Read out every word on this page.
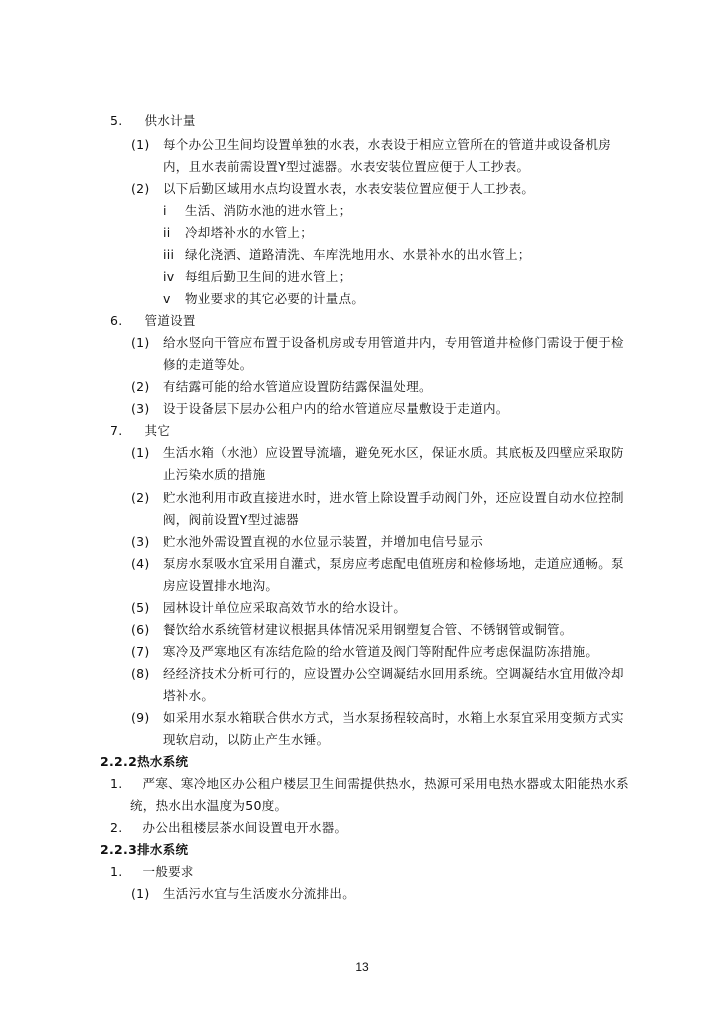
5. 供水计量
(1) 每个办公卫生间均设置单独的水表，水表设于相应立管所在的管道井或设备机房
内，且水表前需设置Y型过滤器。水表安装位置应便于人工抄表。
(2) 以下后勤区域用水点均设置水表，水表安装位置应便于人工抄表。
i 生活、消防水池的进水管上；
ii 冷却塔补水的水管上；
iii 绿化浇洒、道路清洗、车库洗地用水、水景补水的出水管上；
iv 每组后勤卫生间的进水管上；
v 物业要求的其它必要的计量点。
6. 管道设置
(1) 给水竖向干管应布置于设备机房或专用管道井内，专用管道井检修门需设于便于检
修的走道等处。
(2) 有结露可能的给水管道应设置防结露保温处理。
(3) 设于设备层下层办公租户内的给水管道应尽量敷设于走道内。
7. 其它
(1) 生活水箱（水池）应设置导流墙，避免死水区，保证水质。其底板及四壁应采取防
止污染水质的措施
(2) 贮水池利用市政直接进水时，进水管上除设置手动阀门外，还应设置自动水位控制
阀，阀前设置Y型过滤器
(3) 贮水池外需设置直视的水位显示装置，并增加电信号显示
(4) 泵房水泵吸水宜采用自灌式，泵房应考虑配电值班房和检修场地，走道应通畅。泵
房应设置排水地沟。
(5) 园林设计单位应采取高效节水的给水设计。
(6) 餐饮给水系统管材建议根据具体情况采用钢塑复合管、不锈钢管或铜管。
(7) 寒冷及严寒地区有冻结危险的给水管道及阀门等附配件应考虑保温防冻措施。
(8) 经经济技术分析可行的，应设置办公空调凝结水回用系统。空调凝结水宜用做冷却
塔补水。
(9) 如采用水泵水箱联合供水方式，当水泵扬程较高时，水箱上水泵宜采用变频方式实
现软启动，以防止产生水锤。
2.2.2热水系统
1. 严寒、寒冷地区办公租户楼层卫生间需提供热水，热源可采用电热水器或太阳能热水系
统，热水出水温度为50度。
2. 办公出租楼层茶水间设置电开水器。
2.2.3排水系统
1. 一般要求
(1) 生活污水宜与生活废水分流排出。
13
